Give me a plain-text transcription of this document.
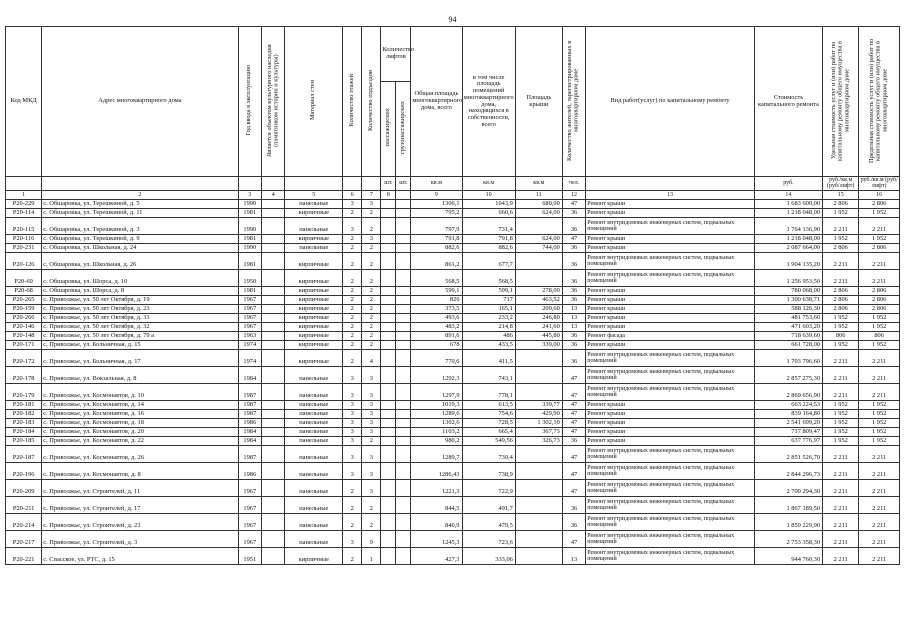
94
Код МКД	Адрес многоквартирного дома	Год ввода в эксплуатацию	Является объектом культурного наследия (памятником истории и культуры)	Материал стен	Количество этажей	Количество подъездов	Количество лифтов		Общая площадь многоквартирного дома, всего	в том числе площадь помещений многоквартирного дома, находящихся в собственности, всего	Площадь крыши	Количество жителей, зарегистрированных в многоквартирном доме	Вид работ(услуг) по капитальному ремонту	Стоимость капитального ремонта	Удельная стоимость услуг и (или) работ по капитальному ремонту общего имущества в многоквартирном доме	Предельная стоимость услуг и (или) работ по капитальному ремонту общего имущества в многоквартирном доме
							пассажирских	грузопассажирских								
							шт.	шт.	кв.м	кв.м	кв.м	чел.		руб.	руб./кв.м (руб/лифт)	руб./кв.м (руб/лифт)
1	2	3	4	5	6	7	8		9	10	11	12	13	14	15	16
Р20-229	с. Обшаровка, ул. Терешкиной, д. 5	1990		панельные	3	3			1306,1	1043,9	680,00	47	Ремонт крыши	1 683 600,00	2 806	2 806
Р20-114	с. Обшаровка, ул. Терешкиной, д. 11	1981		кирпичные	2	2			795,2	660,6	624,00	36	Ремонт крыши	1 218 048,00	1 952	1 952
Р20-115	с. Обшаровка, ул. Терешкиной, д. 3	1990		панельные	3	2			797,9	731,4		36	Ремонт внутридомовых инженерных систем, подвальных помещений	1 764 136,90	2 211	2 211
Р20-116	с. Обшаровка, ул. Терешкиной, д. 9	1981		кирпичные	2	3			791,8	791,8	624,00	47	Ремонт крыши	1 218 048,00	1 952	1 952
Р20-231	с. Обшаровка, ул. Школьная, д. 24	1990		панельные	2	2			882,6	882,6	744,00	36	Ремонт крыши	2 087 664,00	2 806	2 806
Р20-126	с. Обшаровка, ул. Школьная, д. 26	1981		кирпичные	2	2			861,2	677,7		36	Ремонт внутридомовых инженерных систем, подвальных помещений	1 904 135,20	2 211	2 211
Р20-69	с. Обшаровка, ул. Шорса, д. 10	1950		кирпичные	2	2			568,5	568,5		36	Ремонт внутридомовых инженерных систем, подвальных помещений	1 256 953,50	2 211	2 211
Р20-68	с. Обшаровка, ул. Шорса, д. 8	1981		кирпичные	2	2			599,1	599,1	278,00	36	Ремонт крыши	780 068,00	2 806	2 806
Р20-265	с. Приволжье, ул. 50 лет Октября, д. 19	1967		кирпичные	2	2			826	717	463,52	36	Ремонт крыши	1 300 638,71	2 806	2 806
Р20-159	с. Приволжье, ул. 50 лет Октября, д. 23	1967		кирпичные	2	2			373,5	165,1	209,60	13	Ремонт крыши	588 126,30	2 806	2 806
Р20-266	с. Приволжье, ул. 50 лет Октября, д. 33	1967		кирпичные	2	2			493,6	233,2	246,80	13	Ремонт крыши	481 753,60	1 952	1 952
Р20-146	с. Приволжье, ул. 50 лет Октября, д. 32	1967		кирпичные	2	2			483,2	214,8	241,60	13	Ремонт крыши	471 603,20	1 952	1 952
Р20-148	с. Приволжье, ул. 50 лет Октября, д. 79 а	1963		кирпичные	2	2			891,6	486	445,80	36	Ремонт фасада	718 639,60	806	806
Р20-171	с. Приволжье, ул. Больничная, д. 15	1974		кирпичные	2	2			678	433,5	339,00	36	Ремонт крыши	661 728,00	1 952	1 952
Р20-172	с. Приволжье, ул. Больничная, д. 17	1974		кирпичные	2	4			770,6	411,5		36	Ремонт внутридомовых инженерных систем, подвальных помещений	1 703 796,60	2 211	2 211
Р20-178	с. Приволжье, ул. Вокзальная, д. 8	1984		панельные	3	3			1292,3	743,1		47	Ремонт внутридомовых инженерных систем, подвальных помещений	2 857 275,30	2 211	2 211
Р20-179	с. Приволжье, ул. Космонавтов, д. 10	1987		панельные	3	3			1297,9	778,1		47	Ремонт внутридомовых инженерных систем, подвальных помещений	2 869 656,90	2 211	2 211
Р20-181	с. Приволжье, ул. Космонавтов, д. 14	1987		панельные	3	3			1019,3	613,5	339,77	47	Ремонт крыши	663 224,53	1 952	1 952
Р20-182	с. Приволжье, ул. Космонавтов, д. 16	1987		панельные	3	3			1289,6	754,6	429,90	47	Ремонт крыши	839 164,80	1 952	1 952
Р20-183	с. Приволжье, ул. Космонавтов, д. 18	1986		панельные	3	3			1302,6	728,5	1 302,10	47	Ремонт крыши	2 541 699,20	1 952	1 952
Р20-184	с. Приволжье, ул. Космонавтов, д. 20	1984		панельные	3	3			1103,2	665,4	367,73	47	Ремонт крыши	717 809,47	1 952	1 952
Р20-185	с. Приволжье, ул. Космонавтов, д. 22	1984		панельные	3	2			980,2	549,56	326,73	36	Ремонт крыши	637 776,97	1 952	1 952
Р20-187	с. Приволжье, ул. Космонавтов, д. 26	1987		панельные	3	3			1289,7	730,4		47	Ремонт внутридомовых инженерных систем, подвальных помещений	2 851 526,70	2 211	2 211
Р20-196	с. Приволжье, ул. Космонавтов, д. 8	1986		панельные	3	3			1286,43	738,9		47	Ремонт внутридомовых инженерных систем, подвальных помещений	2 844 296,73	2 211	2 211
Р20-209	с. Приволжье, ул. Строителей, д. 11	1967		панельные	2	3			1221,3	722,9		47	Ремонт внутридомовых инженерных систем, подвальных помещений	2 700 294,30	2 211	2 211
Р20-211	с. Приволжье, ул. Строителей, д. 17	1967		панельные	2	2			844,5	491,7		36	Ремонт внутридомовых инженерных систем, подвальных помещений	1 867 189,50	2 211	2 211
Р20-214	с. Приволжье, ул. Строителей, д. 23	1967		панельные	2	2			840,9	479,5		36	Ремонт внутридомовых инженерных систем, подвальных помещений	1 859 229,90	2 211	2 211
Р20-217	с. Приволжье, ул. Строителей, д. 3	1967		панельные	3	9			1245,3	723,6		47	Ремонт внутридомовых инженерных систем, подвальных помещений	2 753 358,30	2 211	2 211
Р20-221	с. Спасское, ул. РТС, д. 15	1951		кирпичные	2	1			427,3	333,06		13	Ремонт внутридомовых инженерных систем, подвальных помещений	944 760,30	2 211	2 211
